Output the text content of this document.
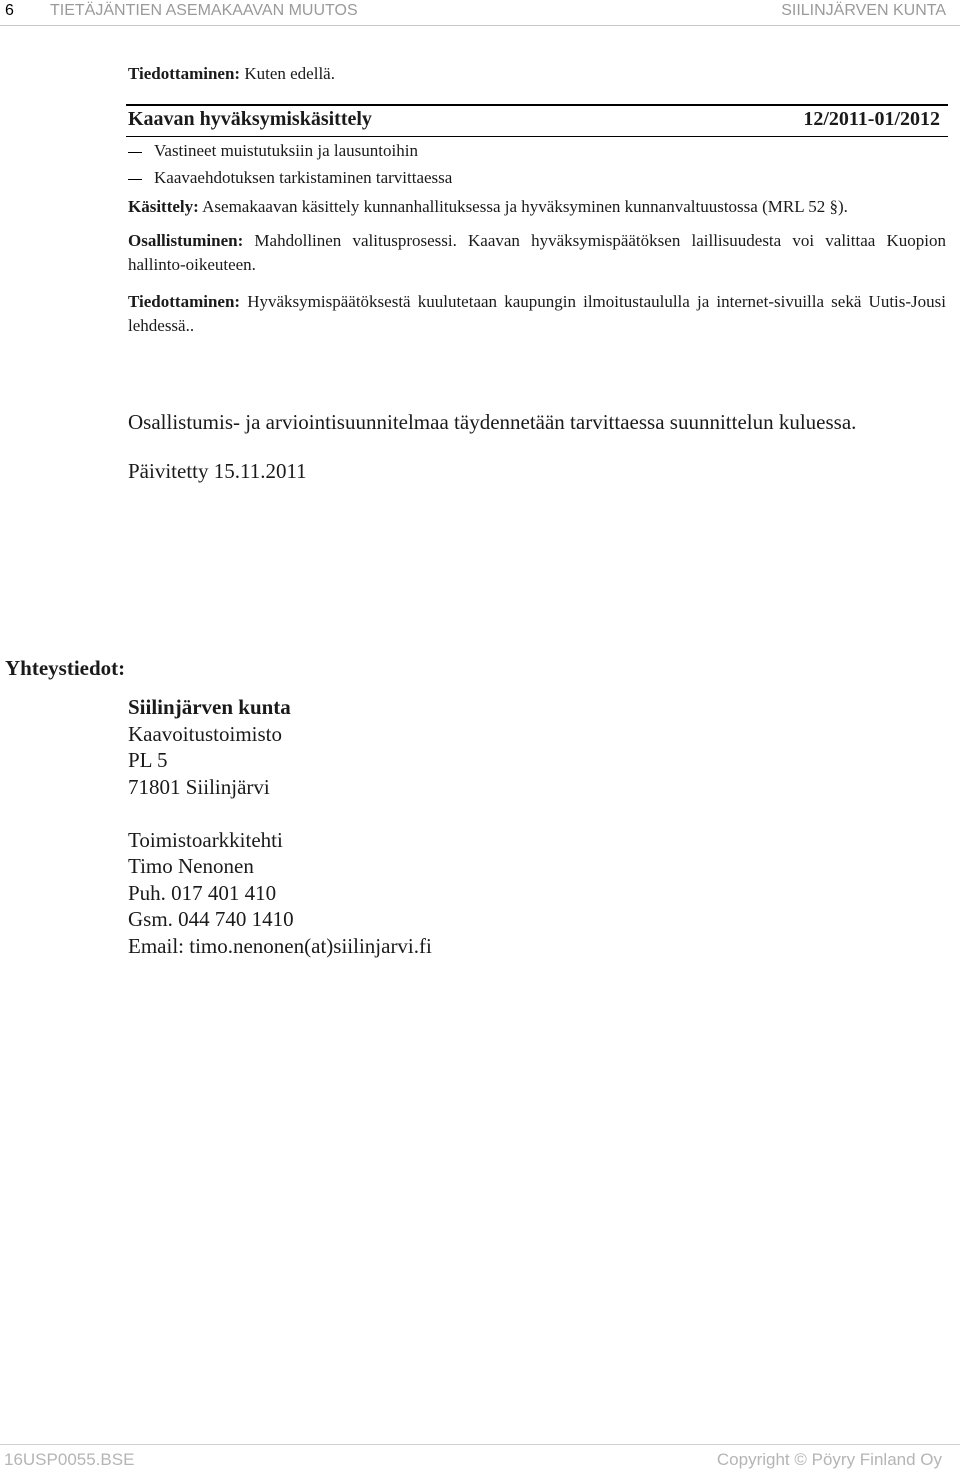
6 TIETÄJÄNTIEN ASEMAKAAVAN MUUTOS	SIILINJÄRVEN KUNTA
Tiedottaminen: Kuten edellä.
Kaavan hyväksymiskäsittely	12/2011-01/2012
Vastineet muistutuksiin ja lausuntoihin
Kaavaehdotuksen tarkistaminen tarvittaessa
Käsittely: Asemakaavan käsittely kunnanhallituksessa ja hyväksyminen kunnanvaltuustossa (MRL 52 §).
Osallistuminen: Mahdollinen valitusprosessi. Kaavan hyväksymispäätöksen laillisuudesta voi valittaa Kuopion hallinto-oikeuteen.
Tiedottaminen: Hyväksymispäätöksestä kuulutetaan kaupungin ilmoitustaululla ja internet-sivuilla sekä Uutis-Jousi lehdessä..
Osallistumis- ja arviointisuunnitelmaa täydennetään tarvittaessa suunnittelun kuluessa.
Päivitetty 15.11.2011
Yhteystiedot:
Siilinjärven kunta
Kaavoitustoimisto
PL 5
71801 Siilinjärvi
Toimistoarkkitehti
Timo Nenonen
Puh. 017 401 410
Gsm. 044 740 1410
Email: timo.nenonen(at)siilinjarvi.fi
16USP0055.BSE	Copyright © Pöyry Finland Oy
